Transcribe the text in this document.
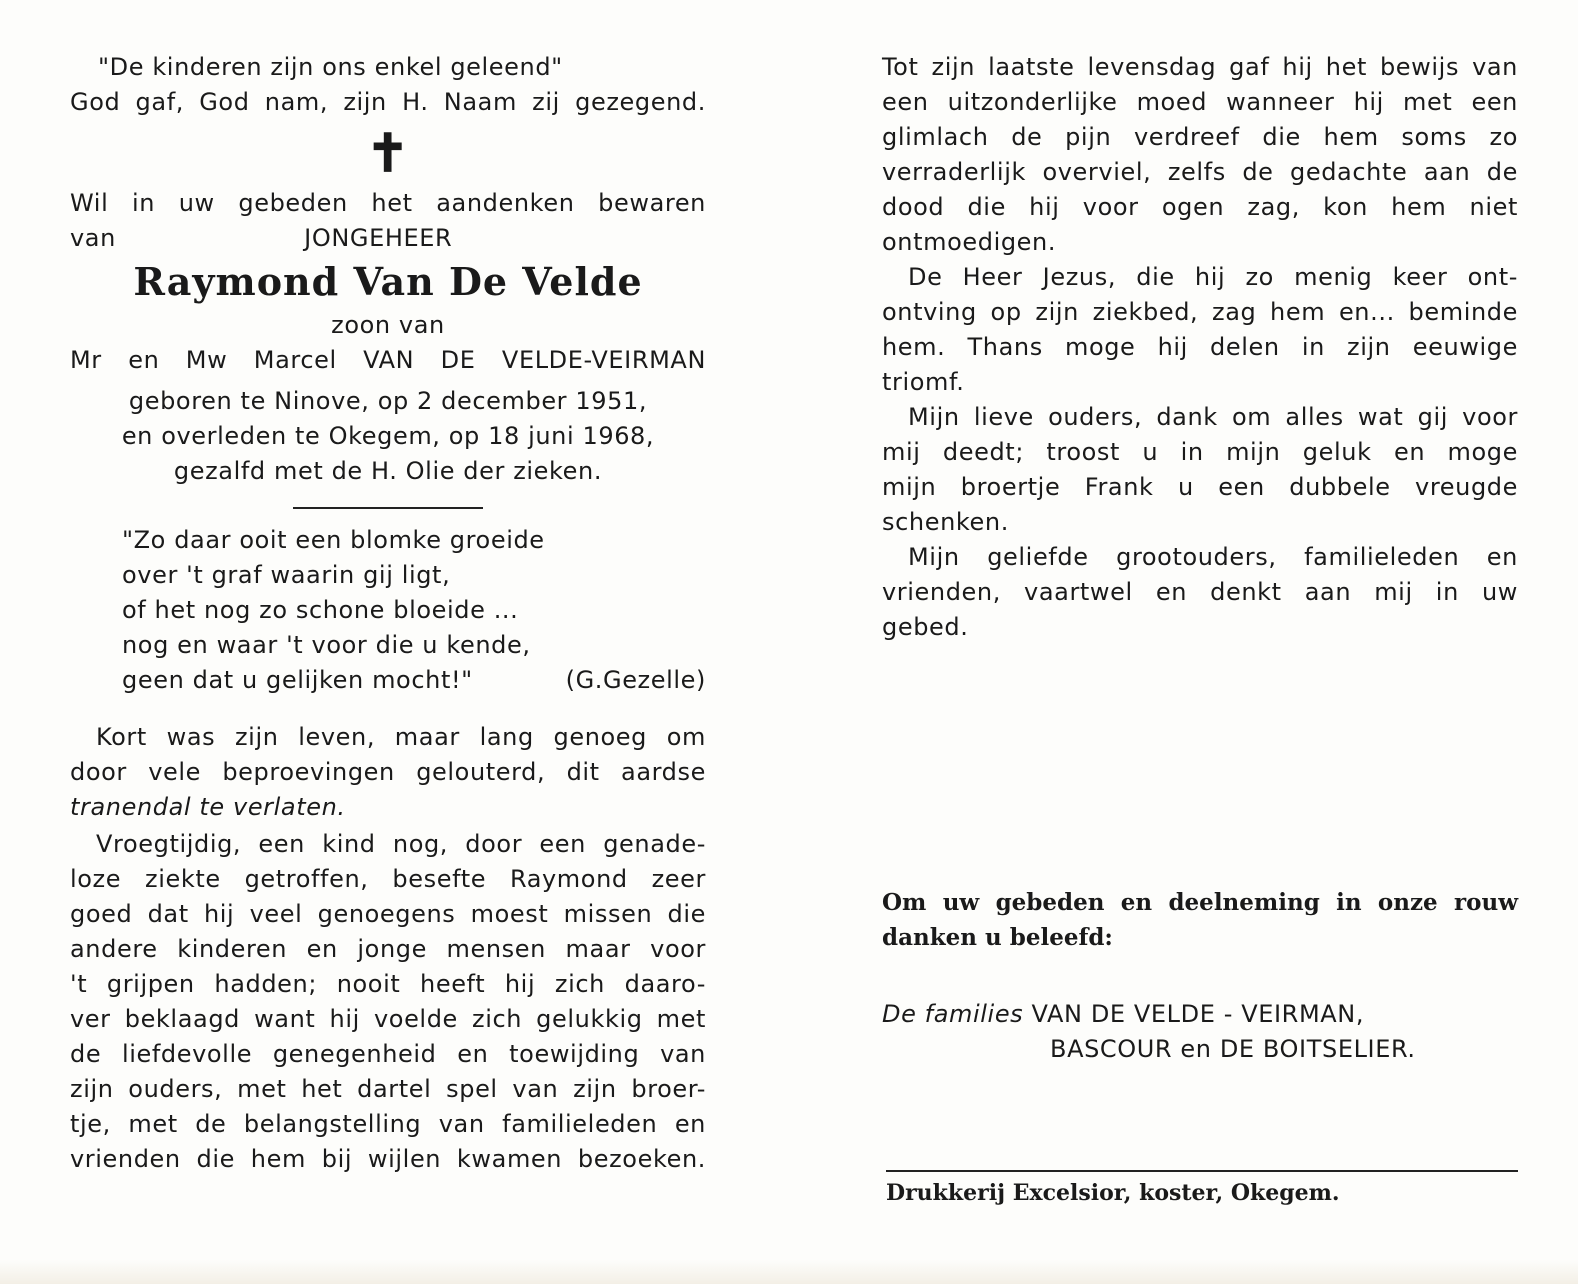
"De kinderen zijn ons enkel geleend"
God gaf, God nam, zijn H. Naam zij gezegend.
✝
Wil in uw gebeden het aandenken bewaren
van	JONGEHEER
Raymond Van De Velde
zoon van
Mr en Mw Marcel VAN DE VELDE-VEIRMAN
geboren te Ninove, op 2 december 1951,
en overleden te Okegem, op 18 juni 1968,
gezalfd met de H. Olie der zieken.
"Zo daar ooit een blomke groeide
over 't graf waarin gij ligt,
of het nog zo schone bloeide ...
nog en waar 't voor die u kende,
geen dat u gelijken mocht!"	(G.Gezelle)
Kort was zijn leven, maar lang genoeg om
door vele beproevingen gelouterd, dit aardse
tranendal te verlaten.
Vroegtijdig, een kind nog, door een genade-
loze ziekte getroffen, besefte Raymond zeer
goed dat hij veel genoegens moest missen die
andere kinderen en jonge mensen maar voor
't grijpen hadden; nooit heeft hij zich daaro-
ver beklaagd want hij voelde zich gelukkig met
de liefdevolle genegenheid en toewijding van
zijn ouders, met het dartel spel van zijn broer-
tje, met de belangstelling van familieleden en
vrienden die hem bij wijlen kwamen bezoeken.
Tot zijn laatste levensdag gaf hij het bewijs van
een uitzonderlijke moed wanneer hij met een
glimlach de pijn verdreef die hem soms zo
verraderlijk overviel, zelfs de gedachte aan de
dood die hij voor ogen zag, kon hem niet
ontmoedigen.
De Heer Jezus, die hij zo menig keer ont-
ontving op zijn ziekbed, zag hem en... beminde
hem. Thans moge hij delen in zijn eeuwige
triomf.
Mijn lieve ouders, dank om alles wat gij voor
mij deedt; troost u in mijn geluk en moge
mijn broertje Frank u een dubbele vreugde
schenken.
Mijn geliefde grootouders, familieleden en
vrienden, vaartwel en denkt aan mij in uw
gebed.
Om uw gebeden en deelneming in onze rouw
danken u beleefd:
De families VAN DE VELDE - VEIRMAN,
BASCOUR en DE BOITSELIER.
Drukkerij Excelsior, koster, Okegem.
